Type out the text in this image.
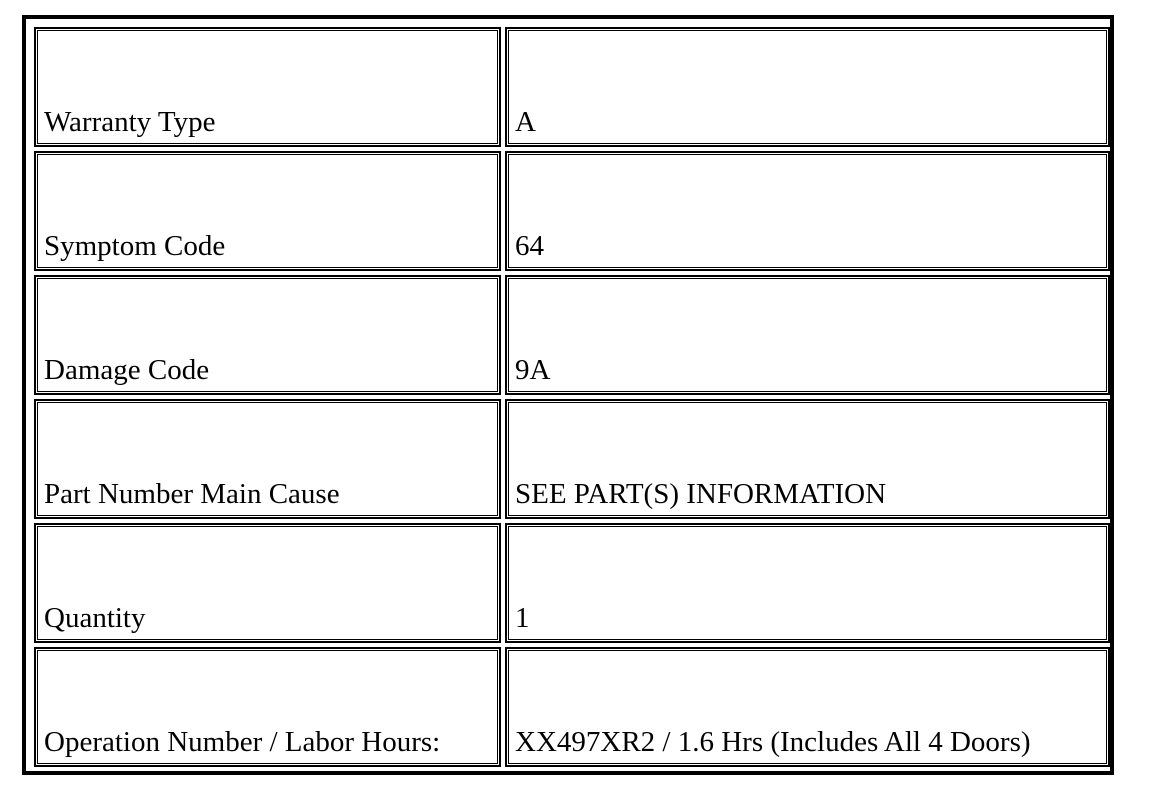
Warranty Type	A
Symptom Code	64
Damage Code	9A
Part Number Main Cause	SEE PART(S) INFORMATION
Quantity	1
Operation Number / Labor Hours:	XX497XR2 / 1.6 Hrs (Includes All 4 Doors)
